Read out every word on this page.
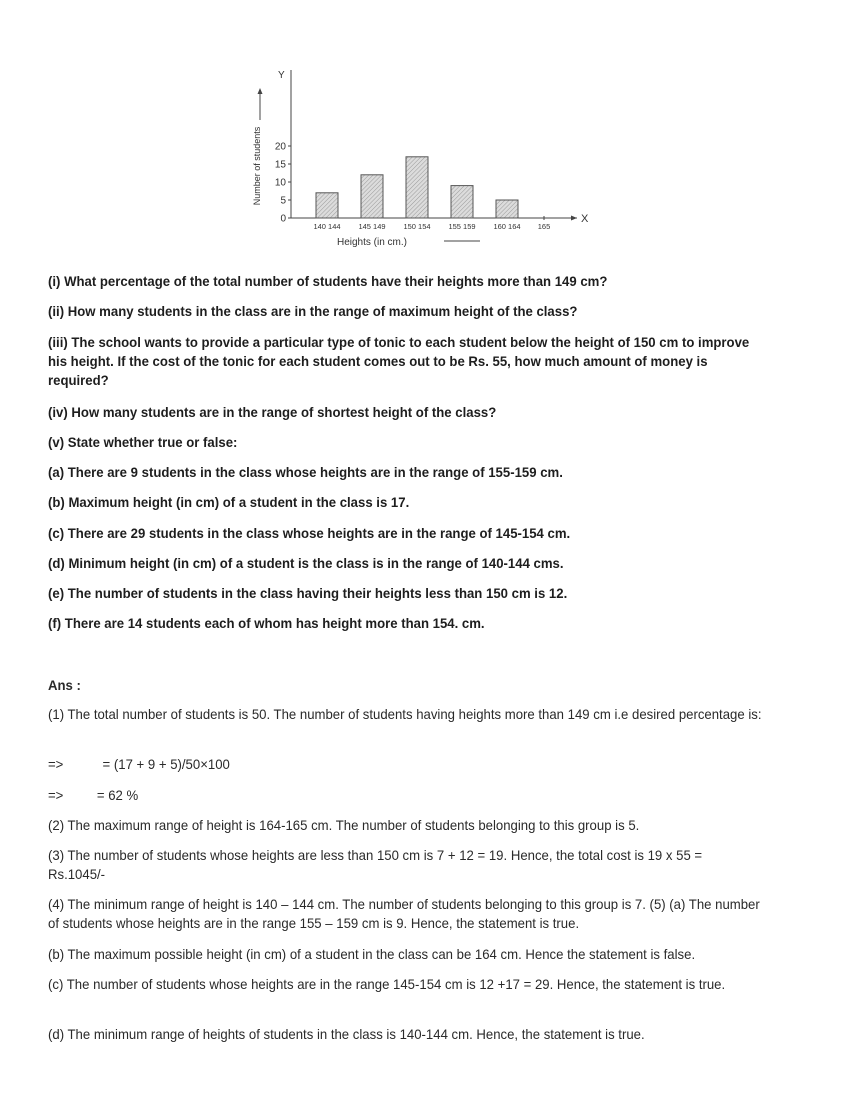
X
Y
0
5
10
15
20
Number of students
140 144 145 149 150 154 155 159 160 164 165
Heights (in cm.)
(i) What percentage of the total number of students have their heights more than 149 cm?
(ii) How many students in the class are in the range of maximum height of the class?
(iii) The school wants to provide a particular type of tonic to each student below the height of 150 cm to improve his height. If the cost of the tonic for each student comes out to be Rs. 55, how much amount of money is required?
(iv) How many students are in the range of shortest height of the class?
(v) State whether true or false:
(a) There are 9 students in the class whose heights are in the range of 155-159 cm.
(b) Maximum height (in cm) of a student in the class is 17.
(c) There are 29 students in the class whose heights are in the range of 145-154 cm.
(d) Minimum height (in cm) of a student is the class is in the range of 140-144 cms.
(e) The number of students in the class having their heights less than 150 cm is 12.
(f) There are 14 students each of whom has height more than 154. cm.
Ans :
(1) The total number of students is 50. The number of students having heights more than 149 cm i.e desired percentage is:
=>	= (17 + 9 + 5)/50×100
=> = 62 %
(2) The maximum range of height is 164-165 cm. The number of students belonging to this group is 5.
(3) The number of students whose heights are less than 150 cm is 7 + 12 = 19. Hence, the total cost is 19 x 55 = Rs.1045/-
(4) The minimum range of height is 140 – 144 cm. The number of students belonging to this group is 7. (5) (a) The number of students whose heights are in the range 155 – 159 cm is 9. Hence, the statement is true.
(b) The maximum possible height (in cm) of a student in the class can be 164 cm. Hence the statement is false.
(c) The number of students whose heights are in the range 145-154 cm is 12 +17 = 29. Hence, the statement is true.
(d) The minimum range of heights of students in the class is 140-144 cm. Hence, the statement is true.
